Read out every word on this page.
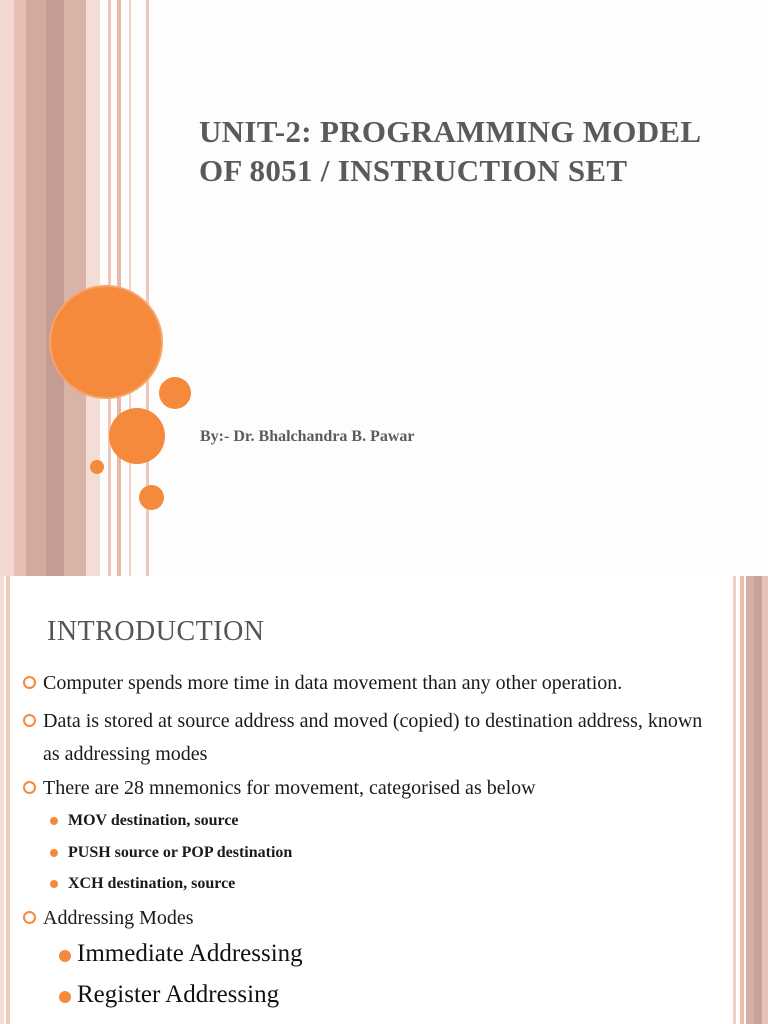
UNIT-2: PROGRAMMING MODEL OF 8051 / INSTRUCTION SET
By:- Dr. Bhalchandra B. Pawar
INTRODUCTION
Computer spends more time in data movement than any other operation.
Data is stored at source address and moved (copied) to destination address, known as addressing modes
There are 28 mnemonics for movement, categorised as below
MOV destination, source
PUSH source or POP destination
XCH destination, source
Addressing Modes
Immediate Addressing
Register Addressing
